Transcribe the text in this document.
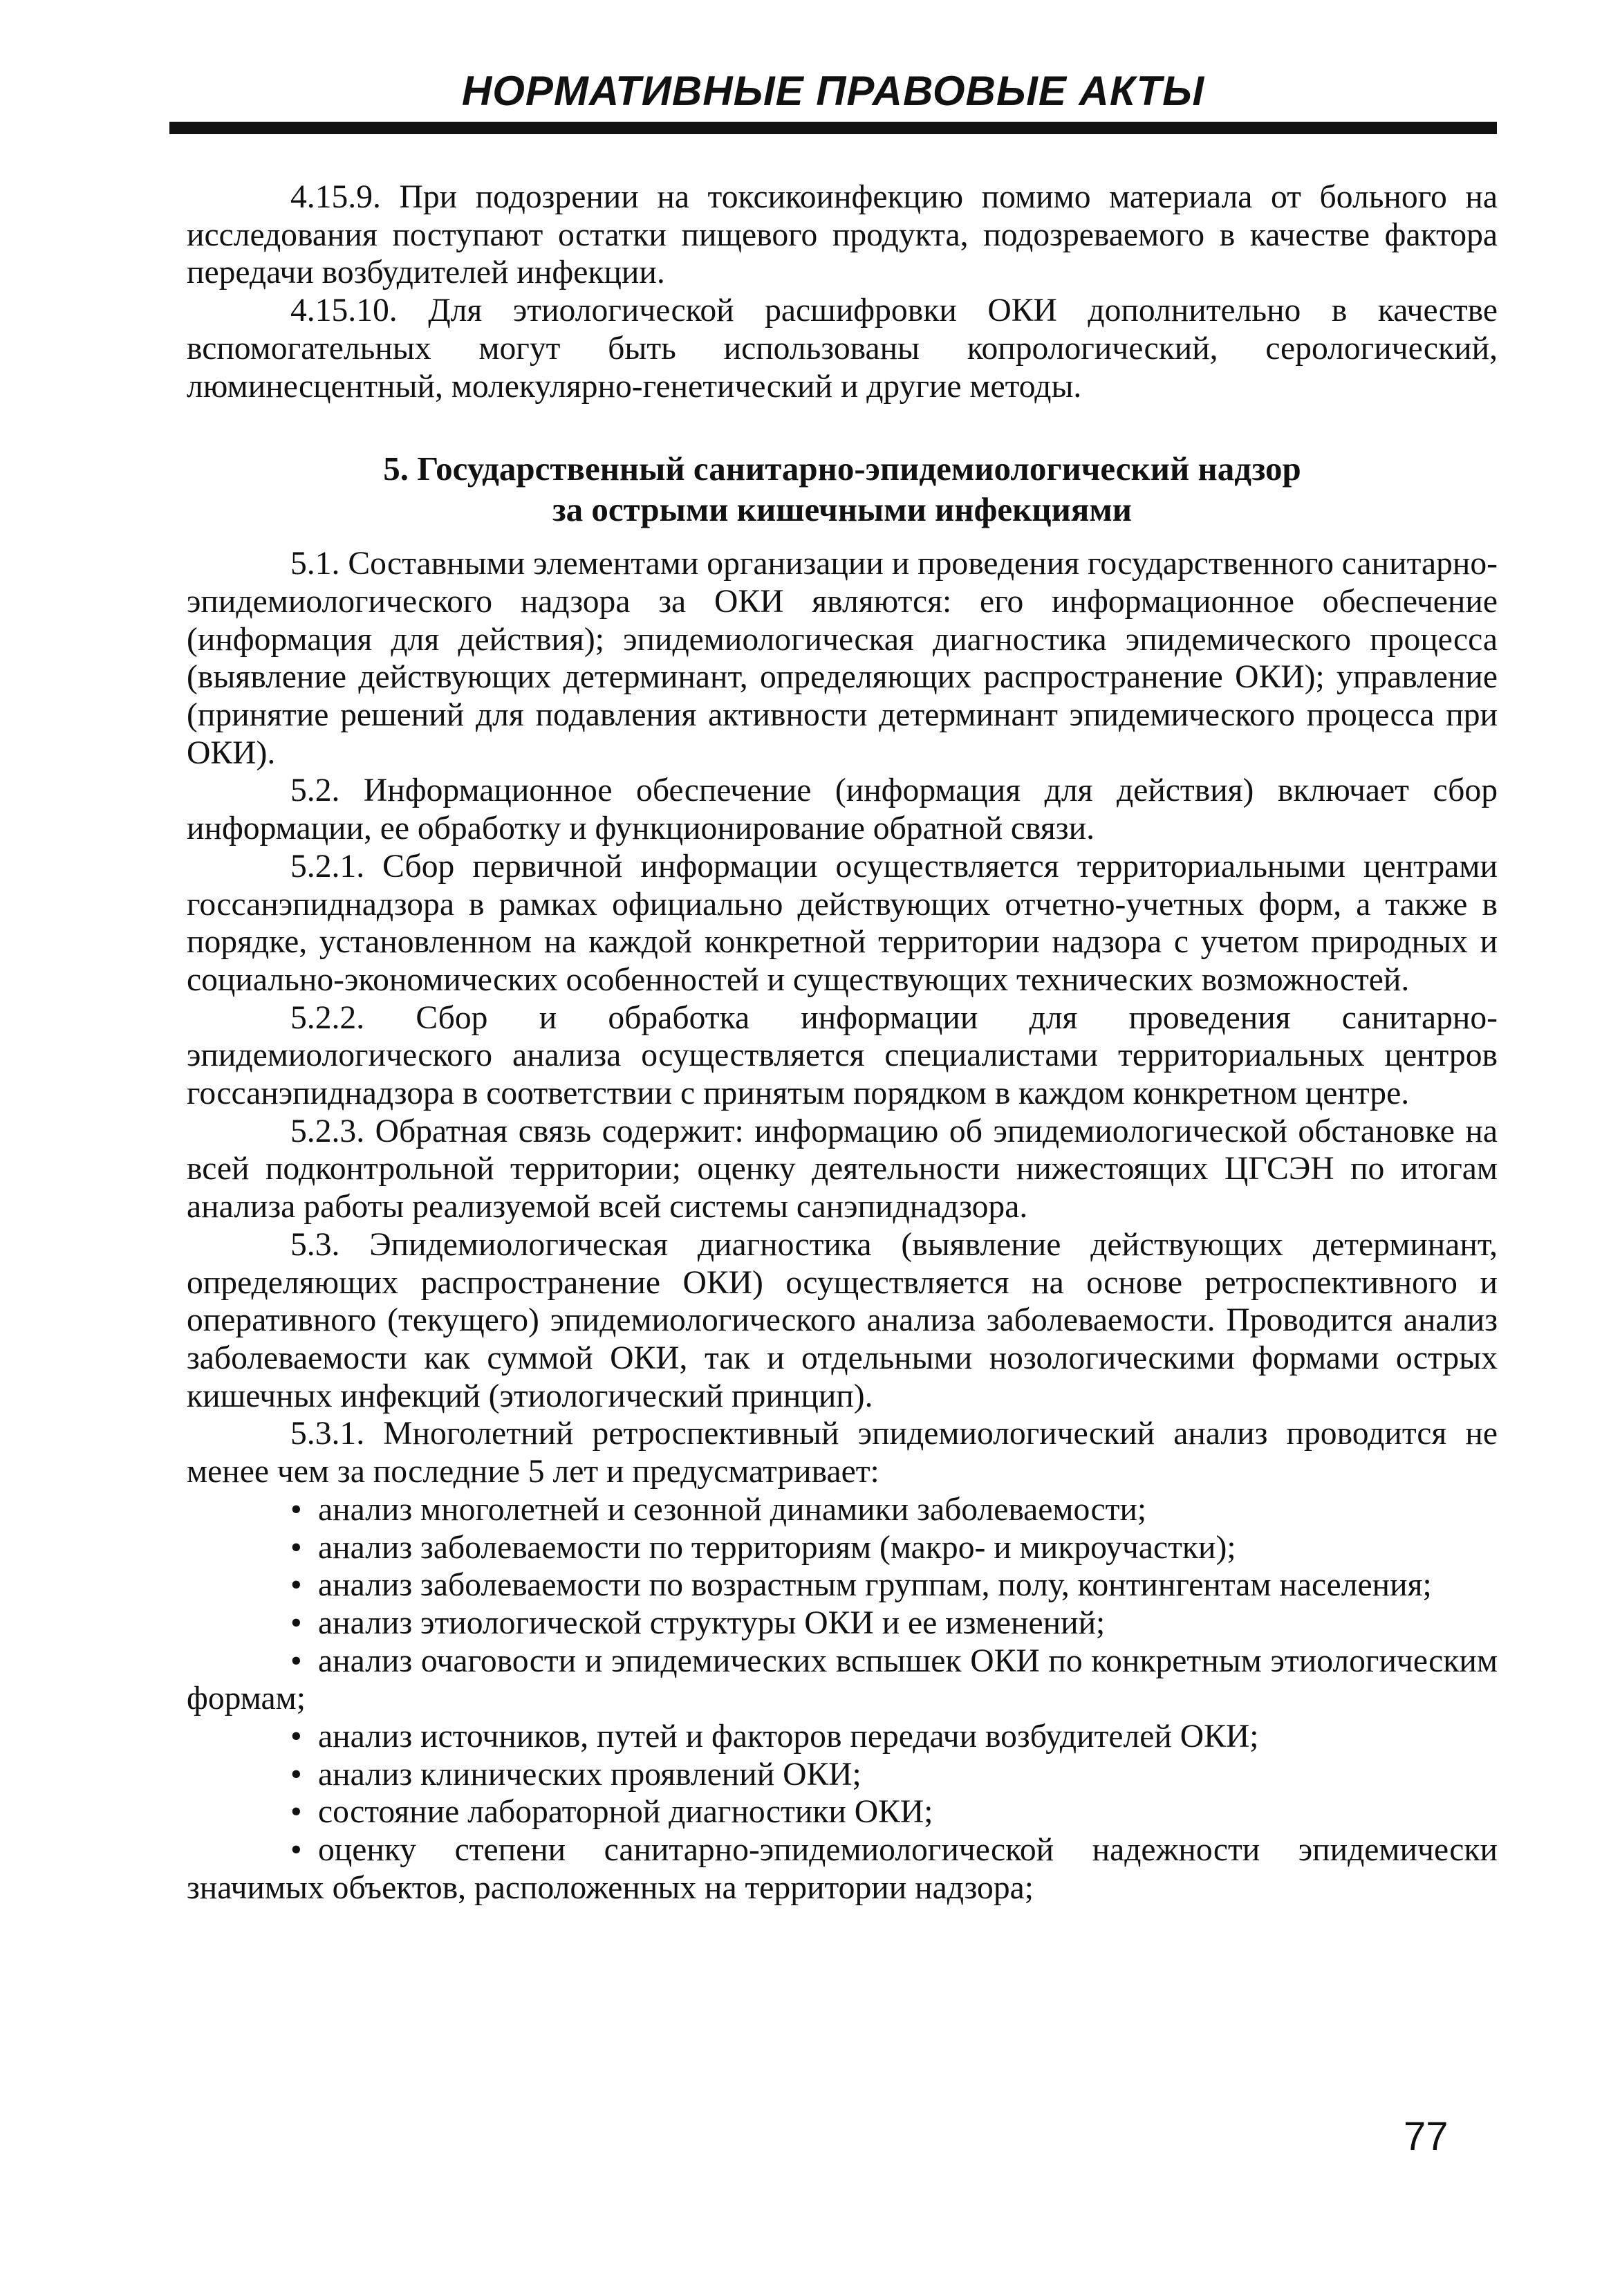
НОРМАТИВНЫЕ ПРАВОВЫЕ АКТЫ

4.15.9. При подозрении на токсикоинфекцию помимо материала от больного на исследования поступают остатки пищевого продукта, подозреваемого в качестве фактора передачи возбудителей инфекции.

4.15.10. Для этиологической расшифровки ОКИ дополнительно в качестве вспомогательных могут быть использованы копрологический, серологический, люминесцентный, молекулярно-генетический и другие методы.

5. Государственный санитарно-эпидемиологический надзор
за острыми кишечными инфекциями

5.1. Составными элементами организации и проведения государственного санитарно-эпидемиологического надзора за ОКИ являются: его информационное обеспечение (информация для действия); эпидемиологическая диагностика эпидемического процесса (выявление действующих детерминант, определяющих распространение ОКИ); управление (принятие решений для подавления активности детерминант эпидемического процесса при ОКИ).

5.2. Информационное обеспечение (информация для действия) включает сбор информации, ее обработку и функционирование обратной связи.

5.2.1. Сбор первичной информации осуществляется территориальными центрами госсанэпиднадзора в рамках официально действующих отчетно-учетных форм, а также в порядке, установленном на каждой конкретной территории надзора с учетом природных и социально-экономических особенностей и существующих технических возможностей.

5.2.2. Сбор и обработка информации для проведения санитарно-эпидемиологического анализа осуществляется специалистами территориальных центров госсанэпиднадзора в соответствии с принятым порядком в каждом конкретном центре.

5.2.3. Обратная связь содержит: информацию об эпидемиологической обстановке на всей подконтрольной территории; оценку деятельности нижестоящих ЦГСЭН по итогам анализа работы реализуемой всей системы санэпиднадзора.

5.3. Эпидемиологическая диагностика (выявление действующих детерминант, определяющих распространение ОКИ) осуществляется на основе ретроспективного и оперативного (текущего) эпидемиологического анализа заболеваемости. Проводится анализ заболеваемости как суммой ОКИ, так и отдельными нозологическими формами острых кишечных инфекций (этиологический принцип).

5.3.1. Многолетний ретроспективный эпидемиологический анализ проводится не менее чем за последние 5 лет и предусматривает:

• анализ многолетней и сезонной динамики заболеваемости;

• анализ заболеваемости по территориям (макро- и микроучастки);

• анализ заболеваемости по возрастным группам, полу, контингентам населения;

• анализ этиологической структуры ОКИ и ее изменений;

• анализ очаговости и эпидемических вспышек ОКИ по конкретным этиологическим формам;

• анализ источников, путей и факторов передачи возбудителей ОКИ;

• анализ клинических проявлений ОКИ;

• состояние лабораторной диагностики ОКИ;

• оценку степени санитарно-эпидемиологической надежности эпидемически значимых объектов, расположенных на территории надзора;

77
